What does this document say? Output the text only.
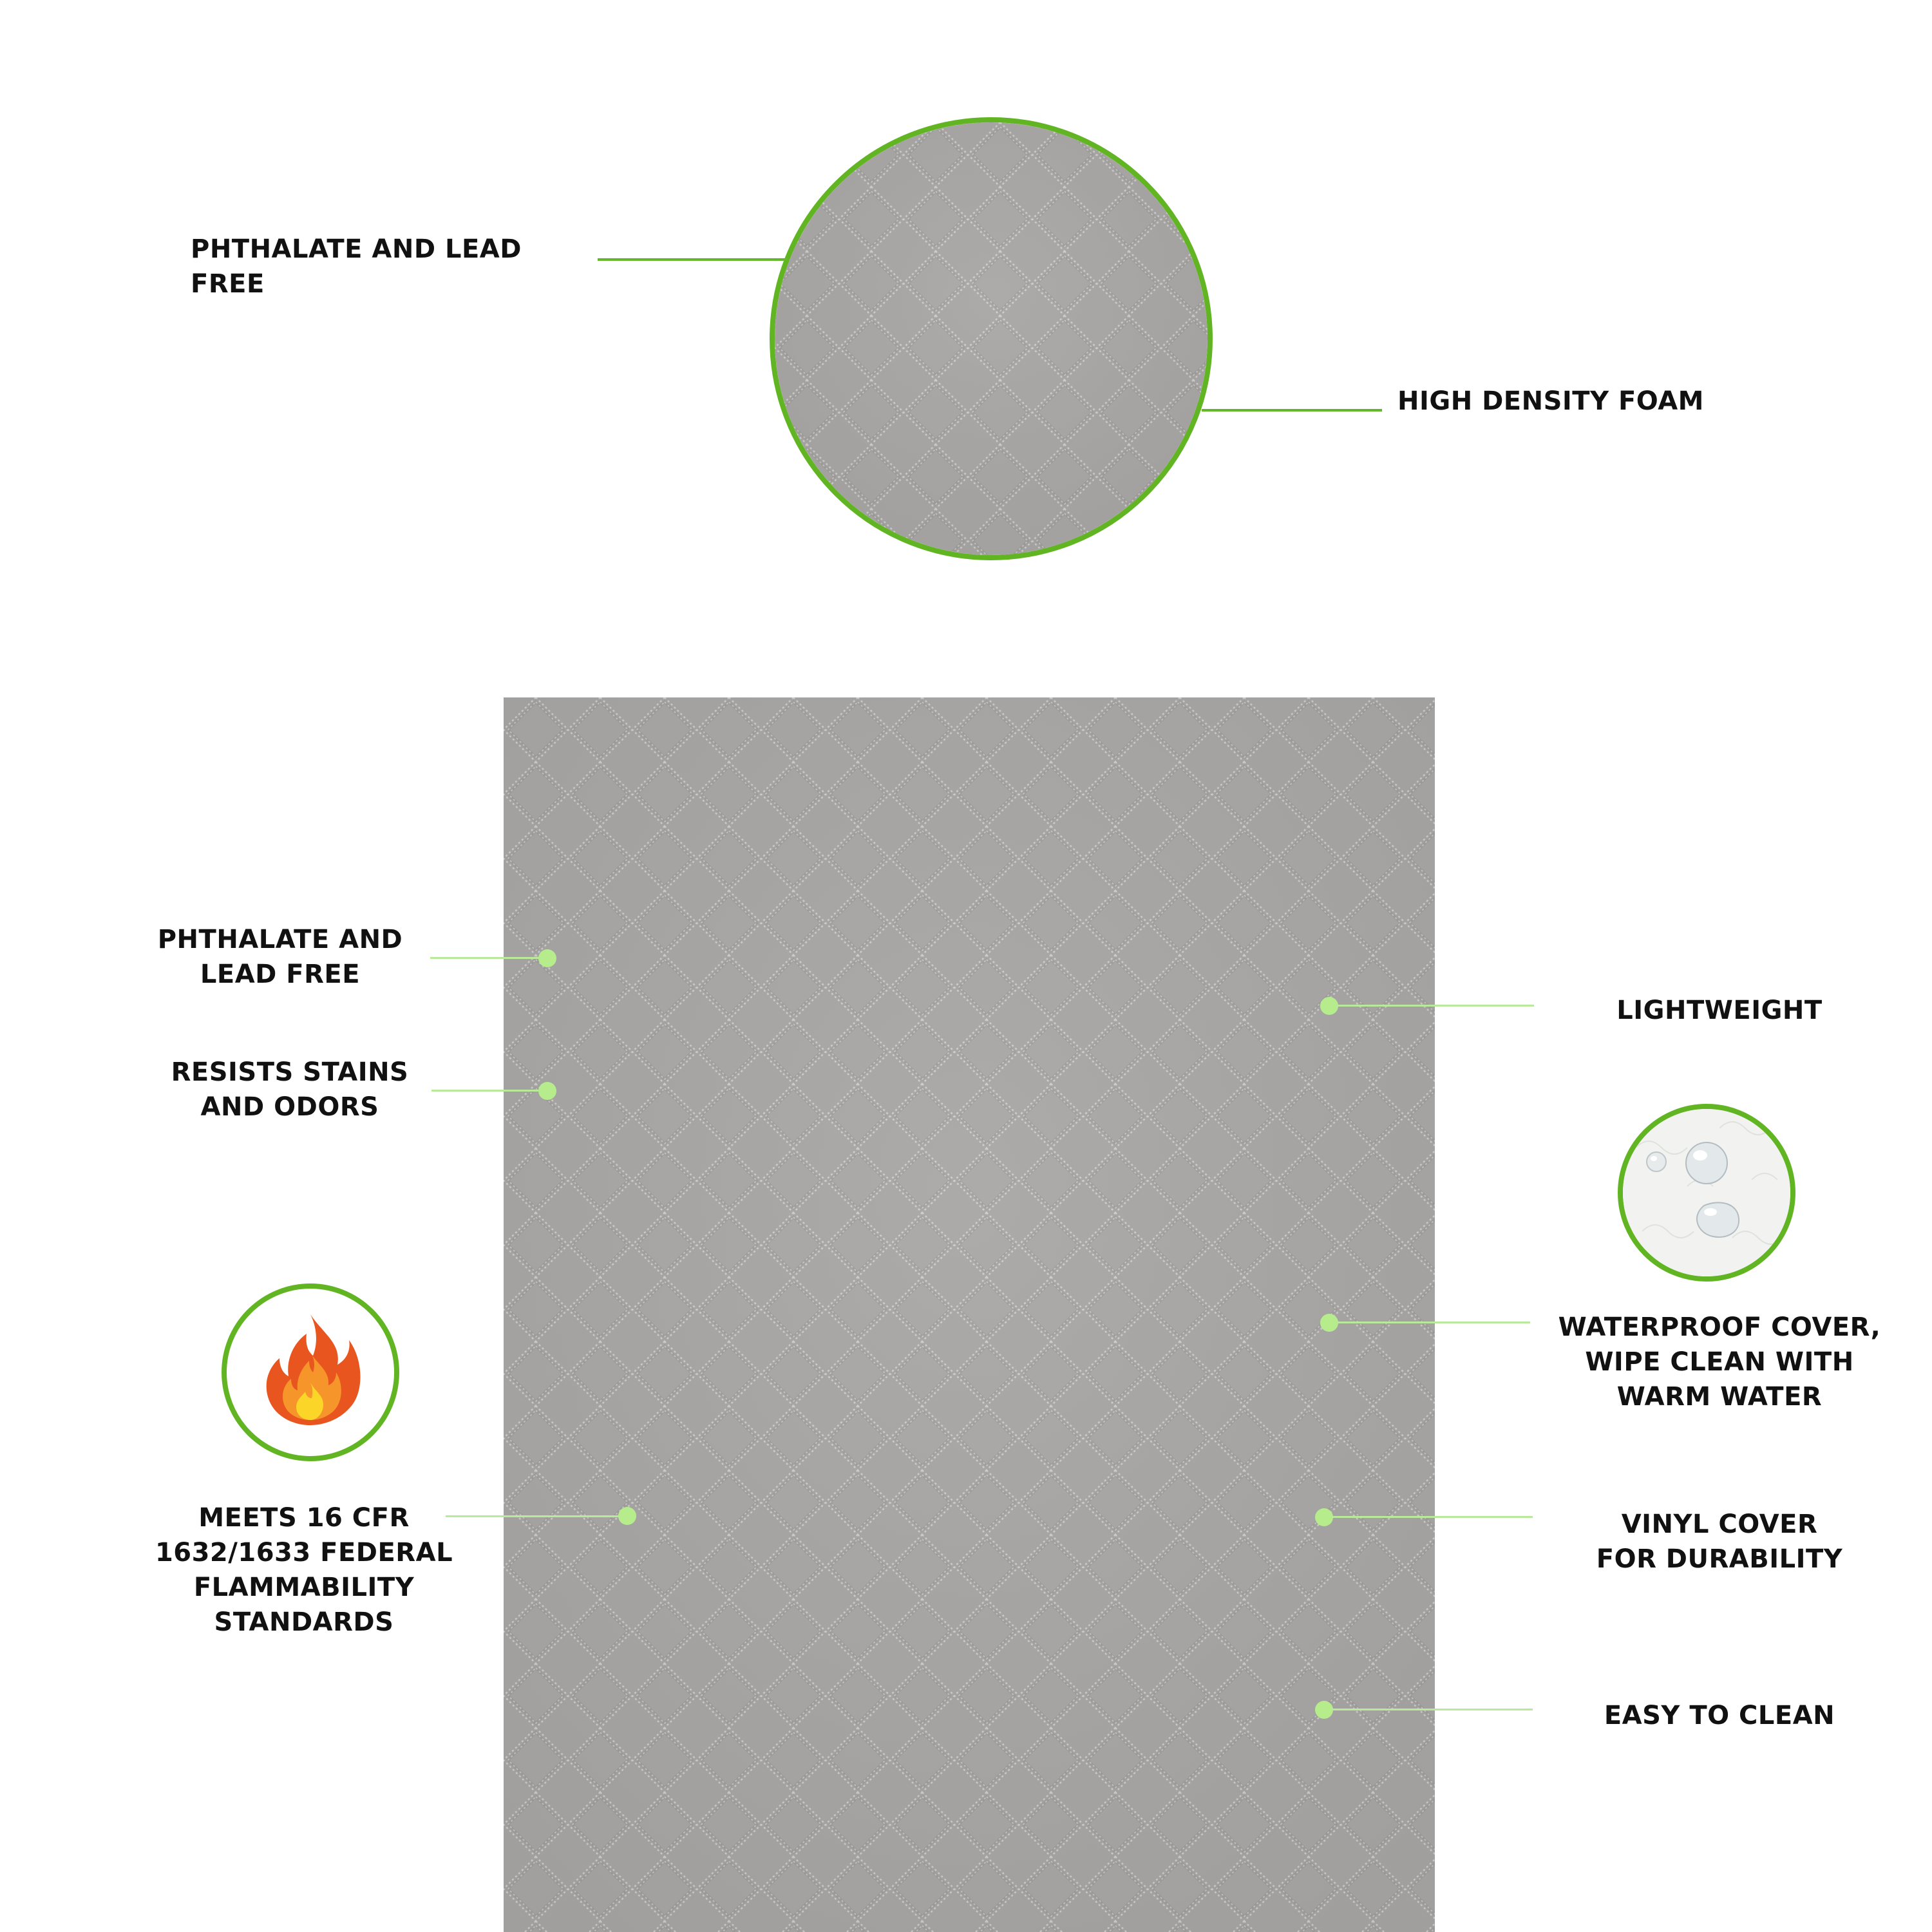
PHTHALATE AND LEAD FREE
HIGH DENSITY FOAM
PHTHALATE AND
LEAD FREE
RESISTS STAINS
AND ODORS
MEETS 16 CFR
1632/1633 FEDERAL
FLAMMABILITY
STANDARDS
LIGHTWEIGHT
WATERPROOF COVER,
WIPE CLEAN WITH
WARM WATER
VINYL COVER
FOR DURABILITY
EASY TO CLEAN
